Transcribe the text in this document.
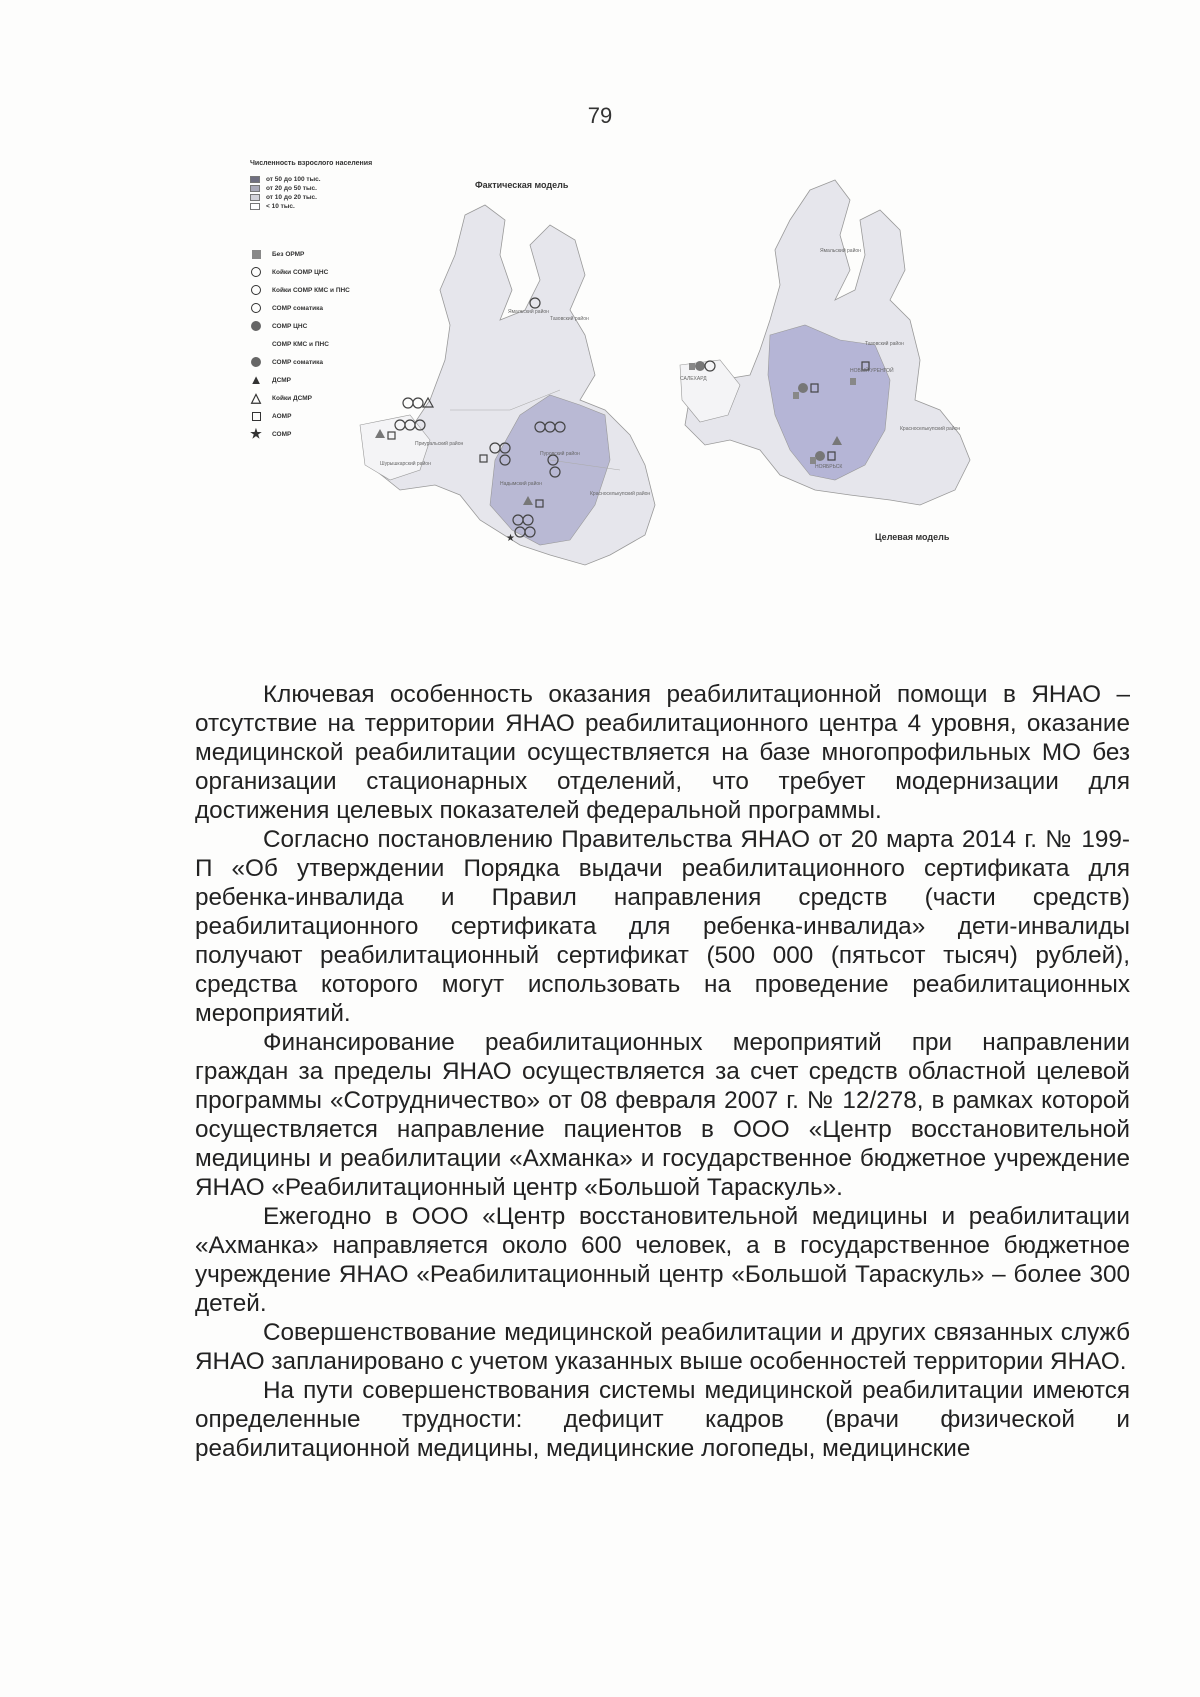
79
★
Ямальский район
Тазовский район
Приуральский район
Надымский район
Пуровский район
Красноселькупский район
Шурышкарский район
САЛЕХАРД
НОВЫЙ УРЕНГОЙ
НОЯБРЬСК
Тазовский район
Ямальский район
Красноселькупский район
Фактическая модель
Целевая модель
Численность взрослого населения
от 50 до 100 тыс.
от 20 до 50 тыс.
от 10 до 20 тыс.
< 10 тыс.
Без ОРМР
Койки СОМР ЦНС
Койки СОМР КМС и ПНС
СОМР соматика
СОМР ЦНС
СОМР КМС и ПНС
СОМР соматика
▲ ДСМР
△ Койки ДСМР
АОМР
★ СОМР

Ключевая особенность оказания реабилитационной помощи в ЯНАО – отсутствие на территории ЯНАО реабилитационного центра 4 уровня, оказание медицинской реабилитации осуществляется на базе многопрофильных МО без организации стационарных отделений, что требует модернизации для достижения целевых показателей федеральной программы.

Согласно постановлению Правительства ЯНАО от 20 марта 2014 г. № 199-П «Об утверждении Порядка выдачи реабилитационного сертификата для ребенка-инвалида и Правил направления средств (части средств) реабилитационного сертификата для ребенка-инвалида» дети-инвалиды получают реабилитационный сертификат (500 000 (пятьсот тысяч) рублей), средства которого могут использовать на проведение реабилитационных мероприятий.

Финансирование реабилитационных мероприятий при направлении граждан за пределы ЯНАО осуществляется за счет средств областной целевой программы «Сотрудничество» от 08 февраля 2007 г. № 12/278, в рамках которой осуществляется направление пациентов в ООО «Центр восстановительной медицины и реабилитации «Ахманка» и государственное бюджетное учреждение ЯНАО «Реабилитационный центр «Большой Тараскуль».

Ежегодно в ООО «Центр восстановительной медицины и реабилитации «Ахманка» направляется около 600 человек, а в государственное бюджетное учреждение ЯНАО «Реабилитационный центр «Большой Тараскуль» – более 300 детей.

Совершенствование медицинской реабилитации и других связанных служб ЯНАО запланировано с учетом указанных выше особенностей территории ЯНАО.

На пути совершенствования системы медицинской реабилитации имеются определенные трудности: дефицит кадров (врачи физической и реабилитационной медицины, медицинские логопеды, медицинские
